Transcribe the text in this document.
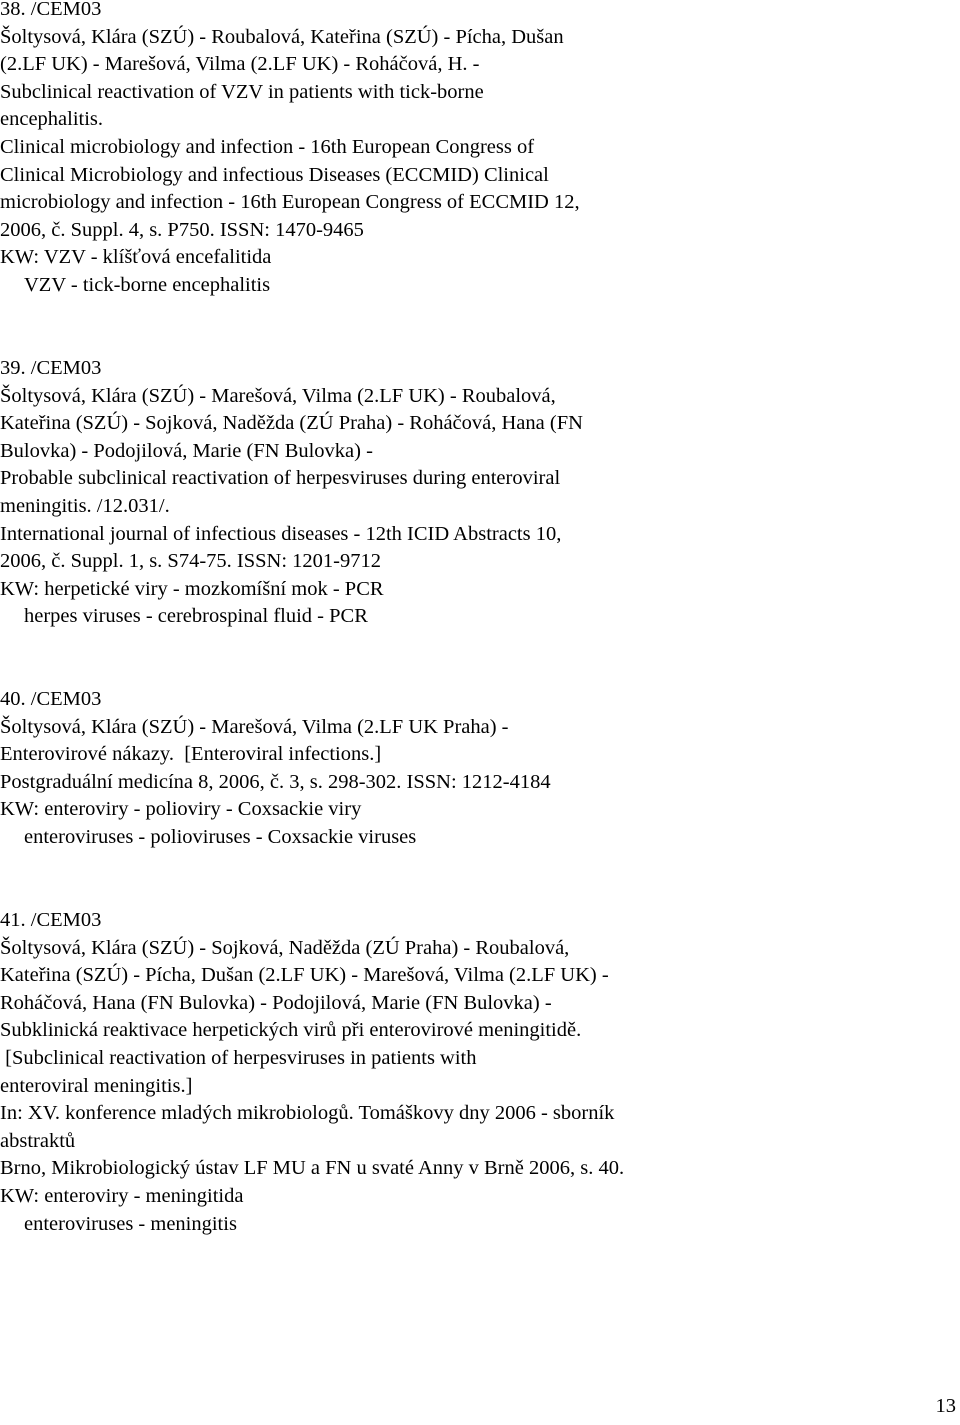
38. /CEM03
Šoltysová, Klára (SZÚ) - Roubalová, Kateřina (SZÚ) - Pícha, Dušan
(2.LF UK) - Marešová, Vilma (2.LF UK) - Roháčová, H. -
Subclinical reactivation of VZV in patients with tick-borne
encephalitis.
Clinical microbiology and infection - 16th European Congress of
Clinical Microbiology and infectious Diseases (ECCMID) Clinical
microbiology and infection - 16th European Congress of ECCMID 12,
2006, č. Suppl. 4, s. P750. ISSN: 1470-9465
KW: VZV - klíšťová encefalitida
VZV - tick-borne encephalitis
39. /CEM03
Šoltysová, Klára (SZÚ) - Marešová, Vilma (2.LF UK) - Roubalová,
Kateřina (SZÚ) - Sojková, Naděžda (ZÚ Praha) - Roháčová, Hana (FN
Bulovka) - Podojilová, Marie (FN Bulovka) -
Probable subclinical reactivation of herpesviruses during enteroviral
meningitis. /12.031/.
International journal of infectious diseases - 12th ICID Abstracts 10,
2006, č. Suppl. 1, s. S74-75. ISSN: 1201-9712
KW: herpetické viry - mozkomíšní mok - PCR
herpes viruses - cerebrospinal fluid - PCR
40. /CEM03
Šoltysová, Klára (SZÚ) - Marešová, Vilma (2.LF UK Praha) -
Enterovirové nákazy.  [Enteroviral infections.]
Postgraduální medicína 8, 2006, č. 3, s. 298-302. ISSN: 1212-4184
KW: enteroviry - polioviry - Coxsackie viry
enteroviruses - polioviruses - Coxsackie viruses
41. /CEM03
Šoltysová, Klára (SZÚ) - Sojková, Naděžda (ZÚ Praha) - Roubalová,
Kateřina (SZÚ) - Pícha, Dušan (2.LF UK) - Marešová, Vilma (2.LF UK) -
Roháčová, Hana (FN Bulovka) - Podojilová, Marie (FN Bulovka) -
Subklinická reaktivace herpetických virů při enterovirové meningitidě.
[Subclinical reactivation of herpesviruses in patients with
enteroviral meningitis.]
In: XV. konference mladých mikrobiologů. Tomáškovy dny 2006 - sborník
abstraktů
Brno, Mikrobiologický ústav LF MU a FN u svaté Anny v Brně 2006, s. 40.
KW: enteroviry - meningitida
enteroviruses - meningitis
13
